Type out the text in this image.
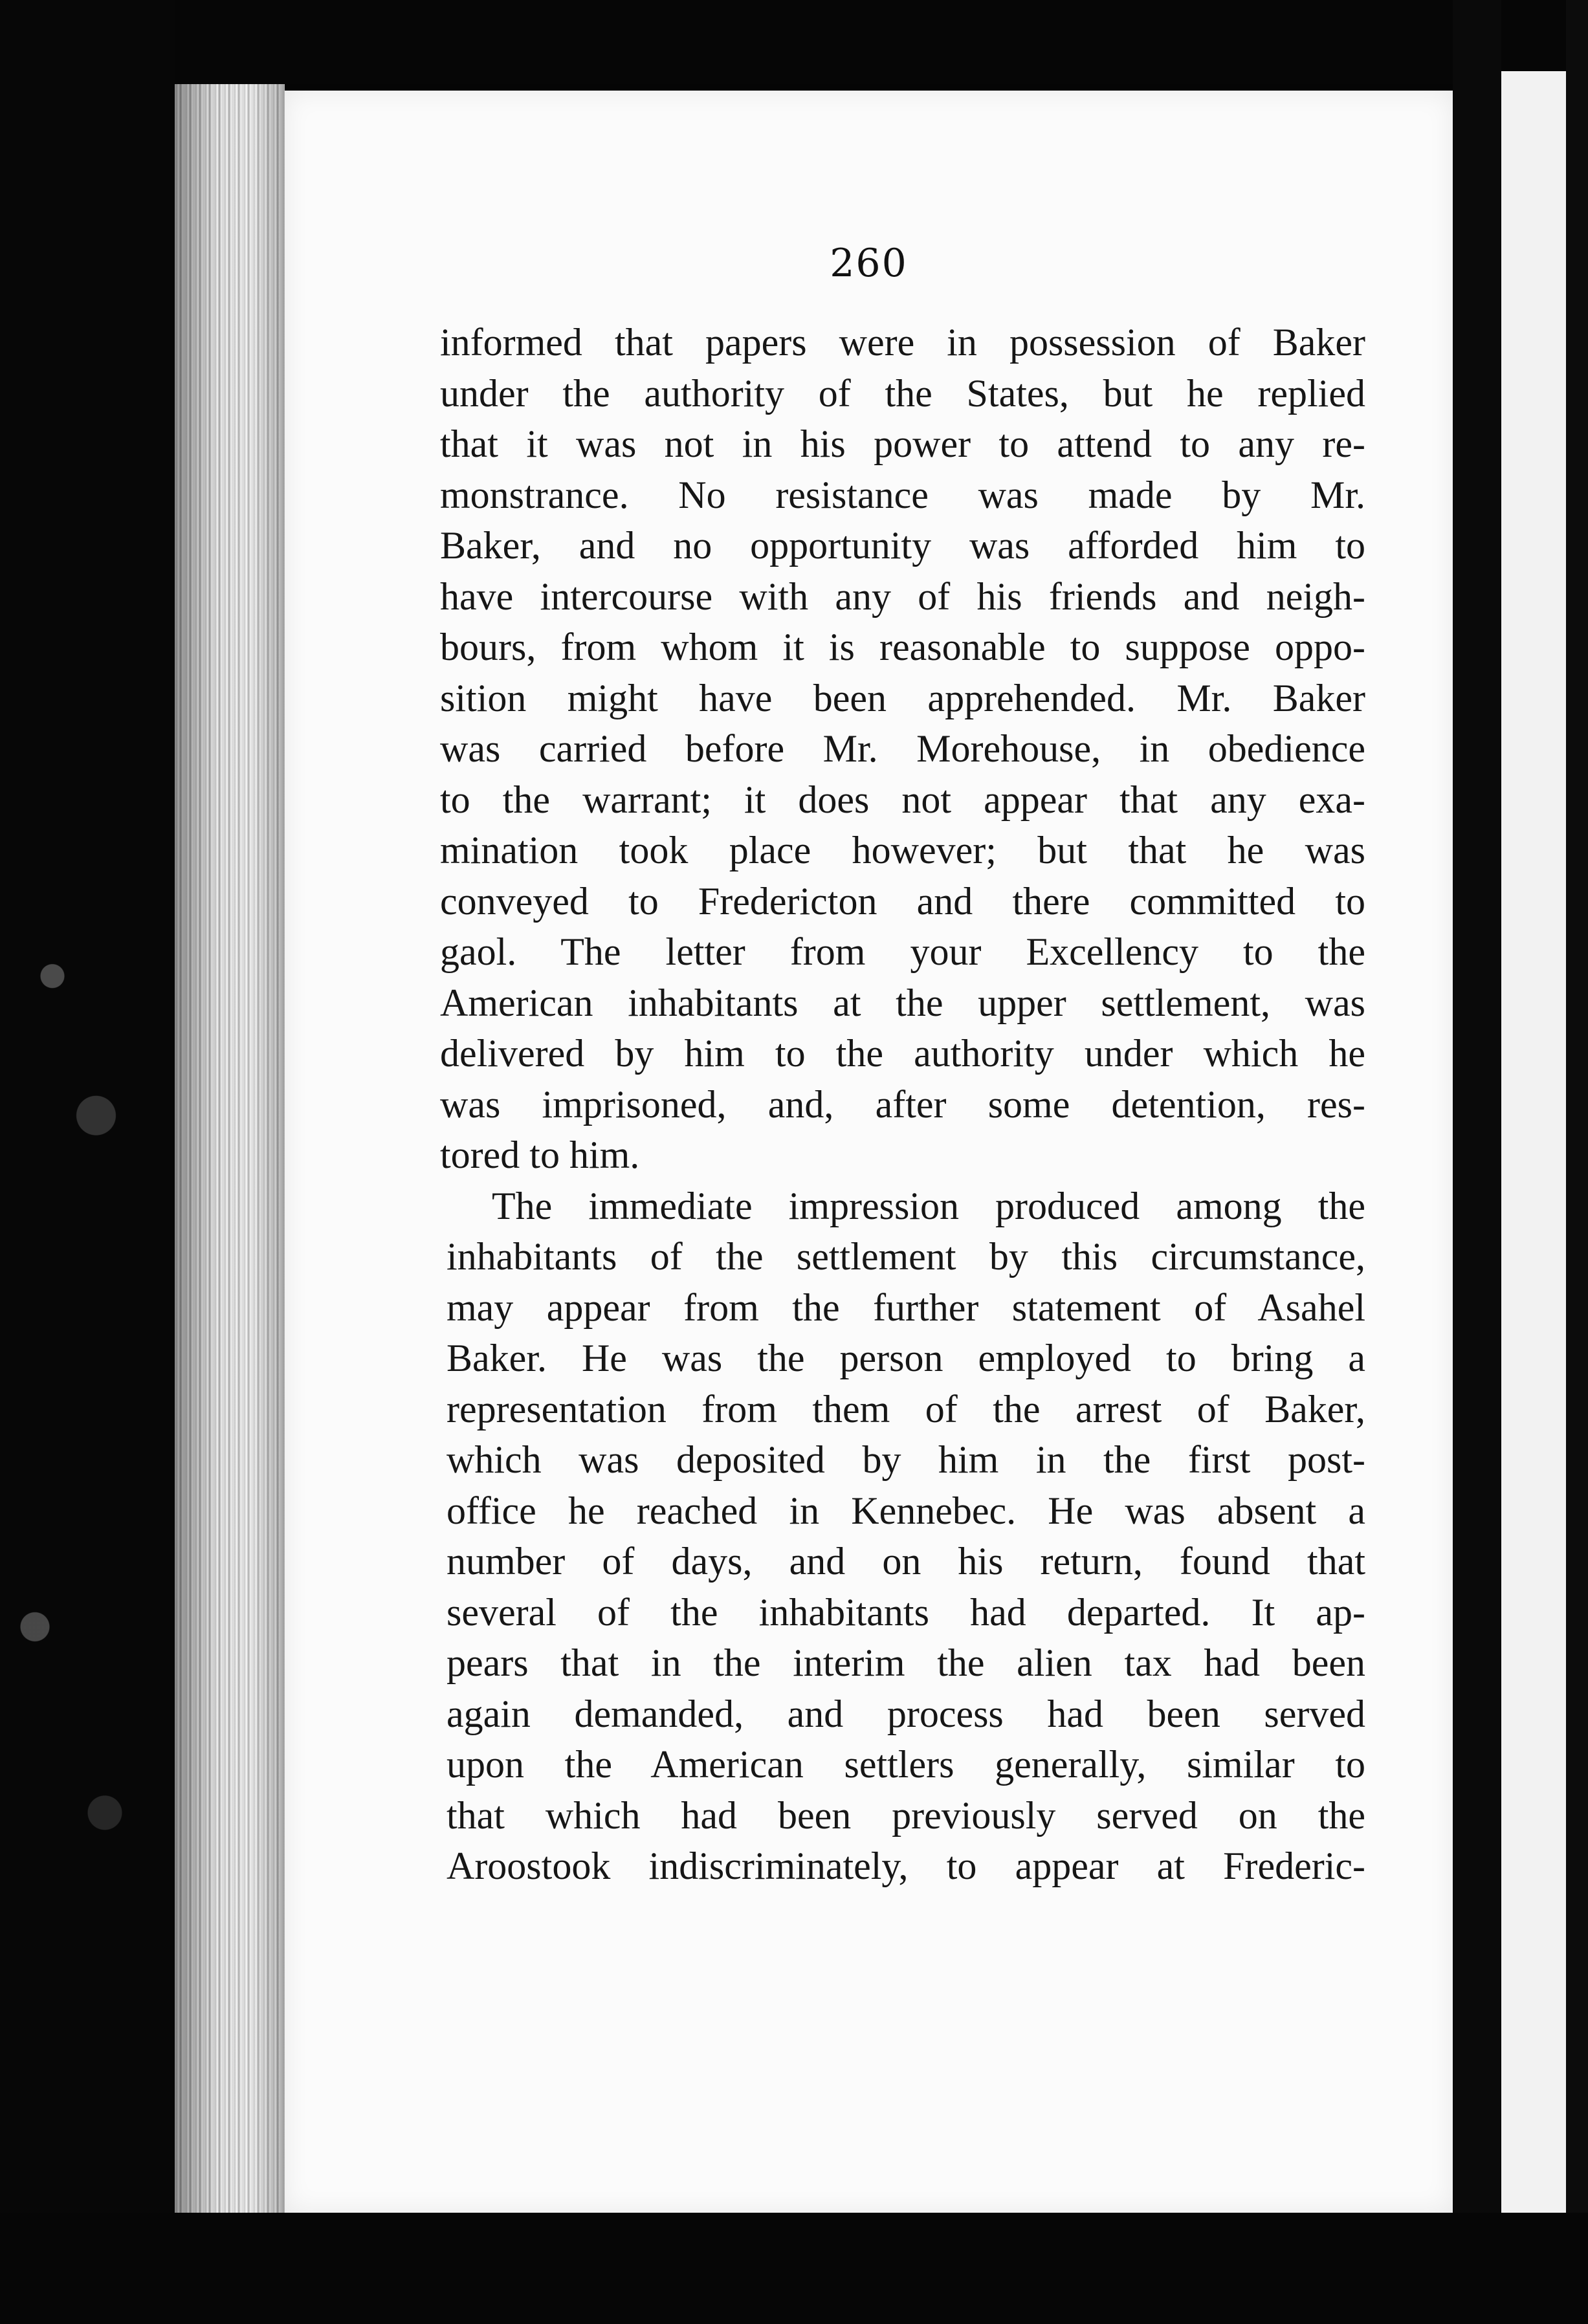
260
informed that papers were in possession of Baker
under the authority of the States, but he replied
that it was not in his power to attend to any re-
monstrance. No resistance was made by Mr.
Baker, and no opportunity was afforded him to
have intercourse with any of his friends and neigh-
bours, from whom it is reasonable to suppose oppo-
sition might have been apprehended. Mr. Baker
was carried before Mr. Morehouse, in obedience
to the warrant; it does not appear that any exa-
mination took place however; but that he was
conveyed to Fredericton and there committed to
gaol. The letter from your Excellency to the
American inhabitants at the upper settlement, was
delivered by him to the authority under which he
was imprisoned, and, after some detention, res-
tored to him.
The immediate impression produced among the
inhabitants of the settlement by this circumstance,
may appear from the further statement of Asahel
Baker. He was the person employed to bring a
representation from them of the arrest of Baker,
which was deposited by him in the first post-
office he reached in Kennebec. He was absent a
number of days, and on his return, found that
several of the inhabitants had departed. It ap-
pears that in the interim the alien tax had been
again demanded, and process had been served
upon the American settlers generally, similar to
that which had been previously served on the
Aroostook indiscriminately, to appear at Frederic-
